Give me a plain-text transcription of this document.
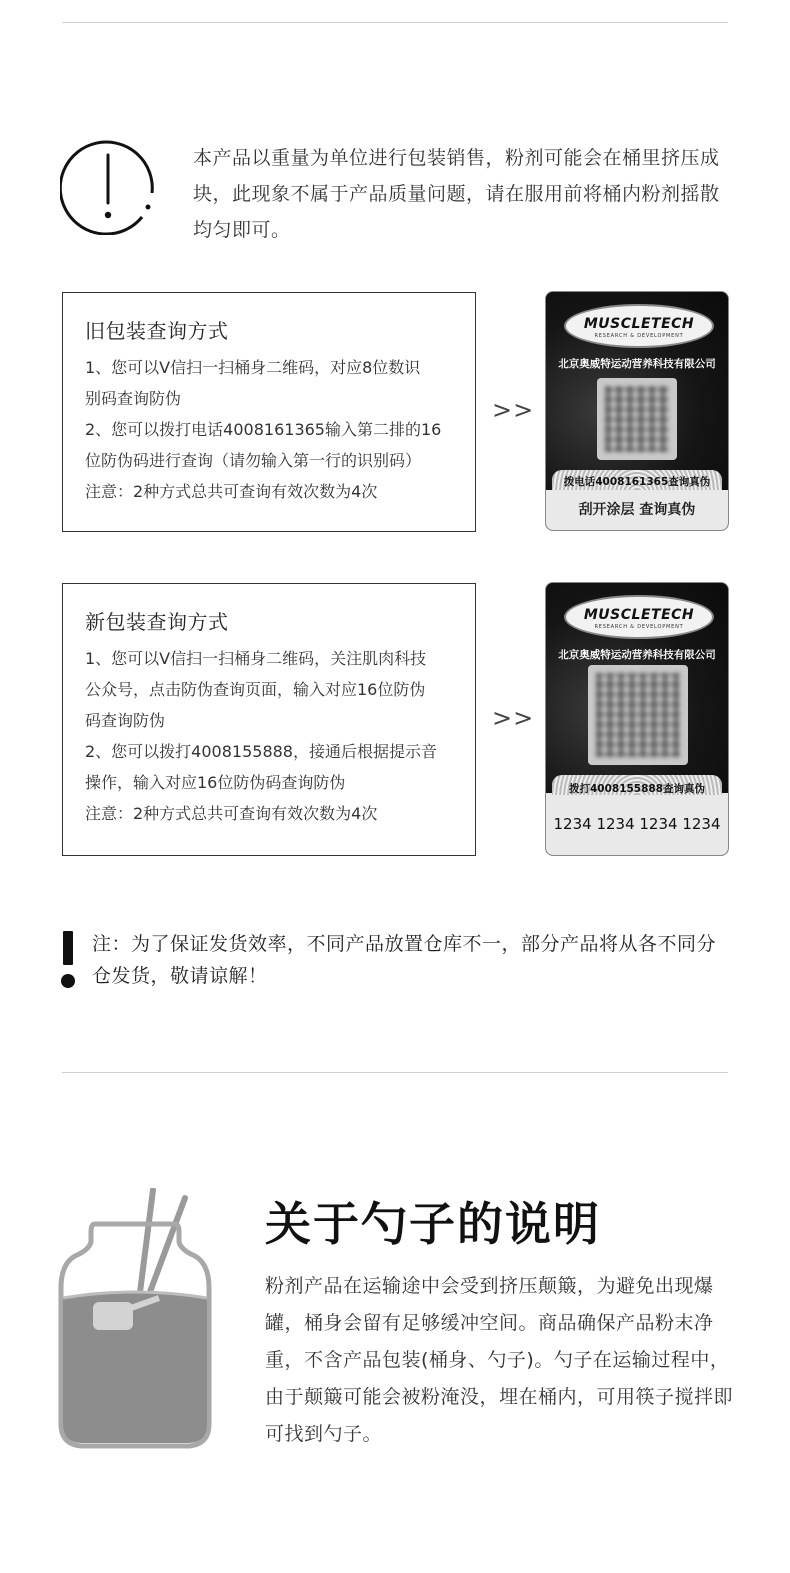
本产品以重量为单位进行包装销售，粉剂可能会在桶里挤压成块，此现象不属于产品质量问题，请在服用前将桶内粉剂摇散均匀即可。
旧包装查询方式
1、您可以V信扫一扫桶身二维码，对应8位数识
别码查询防伪
2、您可以拨打电话4008161365输入第二排的16
位防伪码进行查询（请勿输入第一行的识别码）
注意：2种方式总共可查询有效次数为4次
>>
MUSCLETECH
RESEARCH & DEVELOPMENT
北京奥威特运动营养科技有限公司
拨电话4008161365查询真伪
刮开涂层 查询真伪
新包装查询方式
1、您可以V信扫一扫桶身二维码，关注肌肉科技
公众号，点击防伪查询页面，输入对应16位防伪
码查询防伪
2、您可以拨打4008155888，接通后根据提示音
操作，输入对应16位防伪码查询防伪
注意：2种方式总共可查询有效次数为4次
>>
MUSCLETECH
RESEARCH & DEVELOPMENT
北京奥威特运动营养科技有限公司
拨打4008155888查询真伪
1234 1234 1234 1234
注：为了保证发货效率，不同产品放置仓库不一，部分产品将从各不同分仓发货，敬请谅解！
关于勺子的说明
粉剂产品在运输途中会受到挤压颠簸，为避免出现爆罐，桶身会留有足够缓冲空间。商品确保产品粉末净重，不含产品包装(桶身、勺子)。勺子在运输过程中，由于颠簸可能会被粉淹没，埋在桶内，可用筷子搅拌即可找到勺子。
